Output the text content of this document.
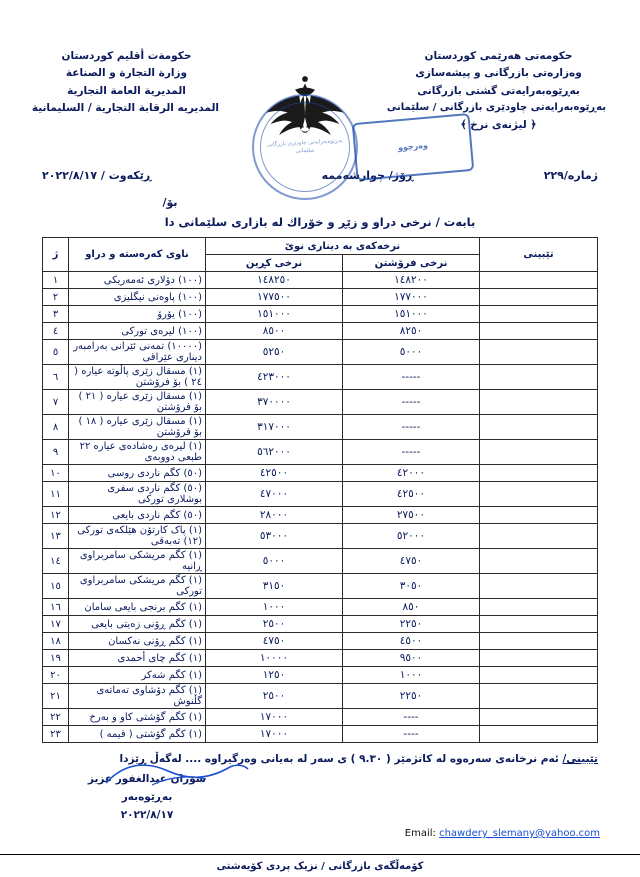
حكومةت أقليم كوردستان
وزارة التجارة و الصناعة
المديرية العامة التجارية
المديريه الرقابة التجارية / السليمانية
بەڕێوەبەرایەتى چاودێرى بازرگانى سلێمانى
حكومەتى هەرێمى كوردستان
وەزارەتى بازرگانى و پیشەسازى
بەڕێوەبەرایەتى گشتى بازرگانى
بەڕێوەبەرایەتى چاودێرى بازرگانى / سلێمانى
﴿ لیژنەى نرخ ﴾
وەرچوو
ژمارە/٢٢٩
ڕۆژ/ چوارشەممە
ڕێکەوت / ٢٠٢٢/٨/١٧
بۆ/
بابەت / نرخى دراو و زێڕ و خۆراك لە بازارى سلێمانى دا
تێبینى	نرخەکەى بە دینارى نوێ		ناوى کەرەستە و دراو	ژ
	نرخى فرۆشتن	نرخى کڕین		
	١٤٨٢٠٠	١٤٨٢٥٠	(١٠٠) دۆلارى ئەمەریکى	١
	١٧٧٠٠٠	١٧٧٥٠٠	(١٠٠) پاوەنى نیگلیزى	٢
	١٥١٠٠٠	١٥١٠٠٠	(١٠٠) یۆرۆ	٣
	٨٢٥٠	٨٥٠٠	(١٠٠) لیرەى تورکى	٤
	٥٠٠٠	٥٢٥٠	(١٠٠٠٠) تمەنى ئێرانى بەرامبەر دینارى عێراقى	٥
	-----	٤٢٣٠٠٠	(١) مسقال زێرى پاڵوتە عیارە ( ٢٤ ) بۆ فرۆشتن	٦
	-----	٣٧٠٠٠٠	(١) مسقال زێرى عیارە ( ٢١ ) بۆ فرۆشتن	٧
	-----	٣١٧٠٠٠	(١) مسقال زێرى عیارە ( ١٨ ) بۆ فرۆشتن	٨
	-----	٥٦٢٠٠٠	(١) لیرەى رەشادەى عیارە ٢٢ طبعى دووبەى	٩
	٤٢٠٠٠	٤٢٥٠٠	(٥٠) کگم ناردى روسى	١٠
	٤٢٥٠٠	٤٧٠٠٠	(٥٠) کگم ناردى سفرى بوشلارى تورکى	١١
	٢٧٥٠٠	٢٨٠٠٠	(٥٠) کگم ناردى بایعى	١٢
	٥٢٠٠٠	٥٣٠٠٠	(١) پاک کارتۆن هێلکەى تورکى (١٢) تەبەقى	١٣
	٤٧٥٠	٥٠٠٠	(١) کگم مریشکى سامربراوى ڕانیە	١٤
	٣٠٥٠	٣١٥٠	(١) کگم مریشکى سامربراوى تورکى	١٥
	٨٥٠	١٠٠٠	(١) کگم برنجى بایعى سامان	١٦
	٢٢٥٠	٢٥٠٠	(١) کگم ڕۆنى زەیتى بایعى	١٧
	٤٥٠٠	٤٧٥٠	(١) کگم ڕۆنى نەکسان	١٨
	٩٥٠٠	١٠٠٠٠	(١) کگم چاى أحمدى	١٩
	١٠٠٠	١٢٥٠	(١) کگم شەکر	٢٠
	٢٢٥٠	٢٥٠٠	(١) کگم دۆشاوى تەماتەى گڵنوش	٢١
	----	١٧٠٠٠	(١) کگم گۆشتى کاو و بەرخ	٢٢
	----	١٧٠٠٠	(١) کگم گۆشتى ( قیمە )	٢٣
تێبینى/ ئەم نرخانەى سەرەوە لە کاتژمێر ( ٩.٣٠ ) ى سەر لە بەیانى وەرگیراوە .... لەگەڵ ڕێزدا
سۆران عبدالغفور عزیز
بەڕێوەبەر
٢٠٢٢/٨/١٧
Email: chawdery_slemany@yahoo.com
کۆمەڵگەى بازرگانى / نزیک پردى کۆیەشتى
